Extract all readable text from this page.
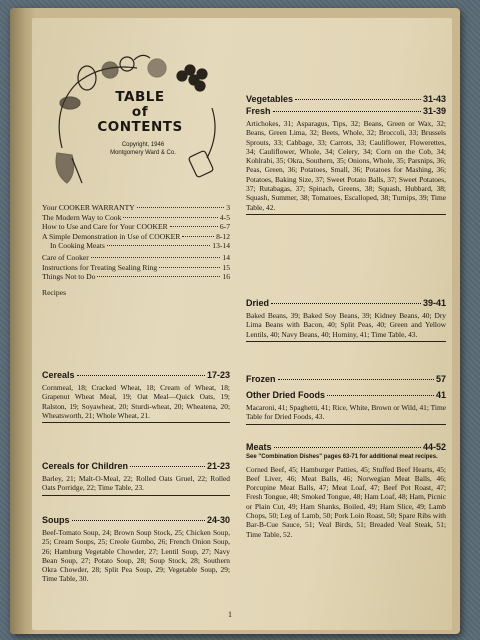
TABLE
of
CONTENTS
Copyright, 1946
Montgomery Ward & Co.
Your COOKER WARRANTY	3
The Modern Way to Cook	4-5
How to Use and Care for Your COOKER	6-7
A Simple Demonstration in Use of COOKER	8-12
In Cooking Meats	13-14
Care of Cooker	14
Instructions for Treating Sealing Ring	15
Things Not to Do	16
Recipes
Cereals	17-23
Cornmeal, 18; Cracked Wheat, 18; Cream of Wheat, 18; Grapenut Wheat Meal, 19; Oat Meal—Quick Oats, 19; Ralston, 19; Soyawheat, 20; Sturdi-wheat, 20; Wheatena, 20; Wheatsworth, 21; Whole Wheat, 21.
Cereals for Children	21-23
Barley, 21; Malt-O-Meal, 22; Rolled Oats Gruel, 22; Rolled Oats Porridge, 22; Time Table, 23.
Soups	24-30
Beef-Tomato Soup, 24; Brown Soup Stock, 25; Chicken Soup, 25; Cream Soups, 25; Creole Gumbo, 26; French Onion Soup, 26; Hamburg Vegetable Chowder, 27; Lentil Soup, 27; Navy Bean Soup, 27; Potato Soup, 28; Soup Stock, 28; Southern Okra Chowder, 28; Split Pea Soup, 29; Vegetable Soup, 29; Time Table, 30.
Vegetables	31-43
Fresh	31-39
Artichokes, 31; Asparagus, Tips, 32; Beans, Green or Wax, 32; Beans, Green Lima, 32; Beets, Whole, 32; Broccoli, 33; Brussels Sprouts, 33; Cabbage, 33; Carrots, 33; Cauliflower, Flowerettes, 34; Cauliflower, Whole, 34; Celery, 34; Corn on the Cob, 34; Kohlrabi, 35; Okra, Southern, 35; Onions, Whole, 35; Parsnips, 36; Peas, Green, 36; Potatoes, Small, 36; Potatoes for Mashing, 36; Potatoes, Baking Size, 37; Sweet Potato Balls, 37; Sweet Potatoes, 37; Rutabagas, 37; Spinach, Greens, 38; Squash, Hubbard, 38; Squash, Summer, 38; Tomatoes, Escalloped, 38; Turnips, 39; Time Table, 42.
Dried	39-41
Baked Beans, 39; Baked Soy Beans, 39; Kidney Beans, 40; Dry Lima Beans with Bacon, 40; Split Peas, 40; Green and Yellow Lentils, 40; Navy Beans, 40; Hominy, 41; Time Table, 43.
Frozen	57
Other Dried Foods	41
Macaroni, 41; Spaghetti, 41; Rice, White, Brown or Wild, 41; Time Table for Dried Foods, 43.
Meats	44-52
See "Combination Dishes" pages 63-71 for additional meat recipes.
Corned Beef, 45; Hamburger Patties, 45; Stuffed Beef Hearts, 45; Beef Liver, 46; Meat Balls, 46; Norwegian Meat Balls, 46; Porcupine Meat Balls, 47; Meat Loaf, 47; Beef Pot Roast, 47; Fresh Tongue, 48; Smoked Tongue, 48; Ham Loaf, 48; Ham, Picnic or Plain Cut, 49; Ham Shanks, Boiled, 49; Ham Slice, 49; Lamb Chops, 50; Leg of Lamb, 50; Pork Loin Roast, 50; Spare Ribs with Bar-B-Cue Sauce, 51; Veal Birds, 51; Breaded Veal Steak, 51; Time Table, 52.
1
